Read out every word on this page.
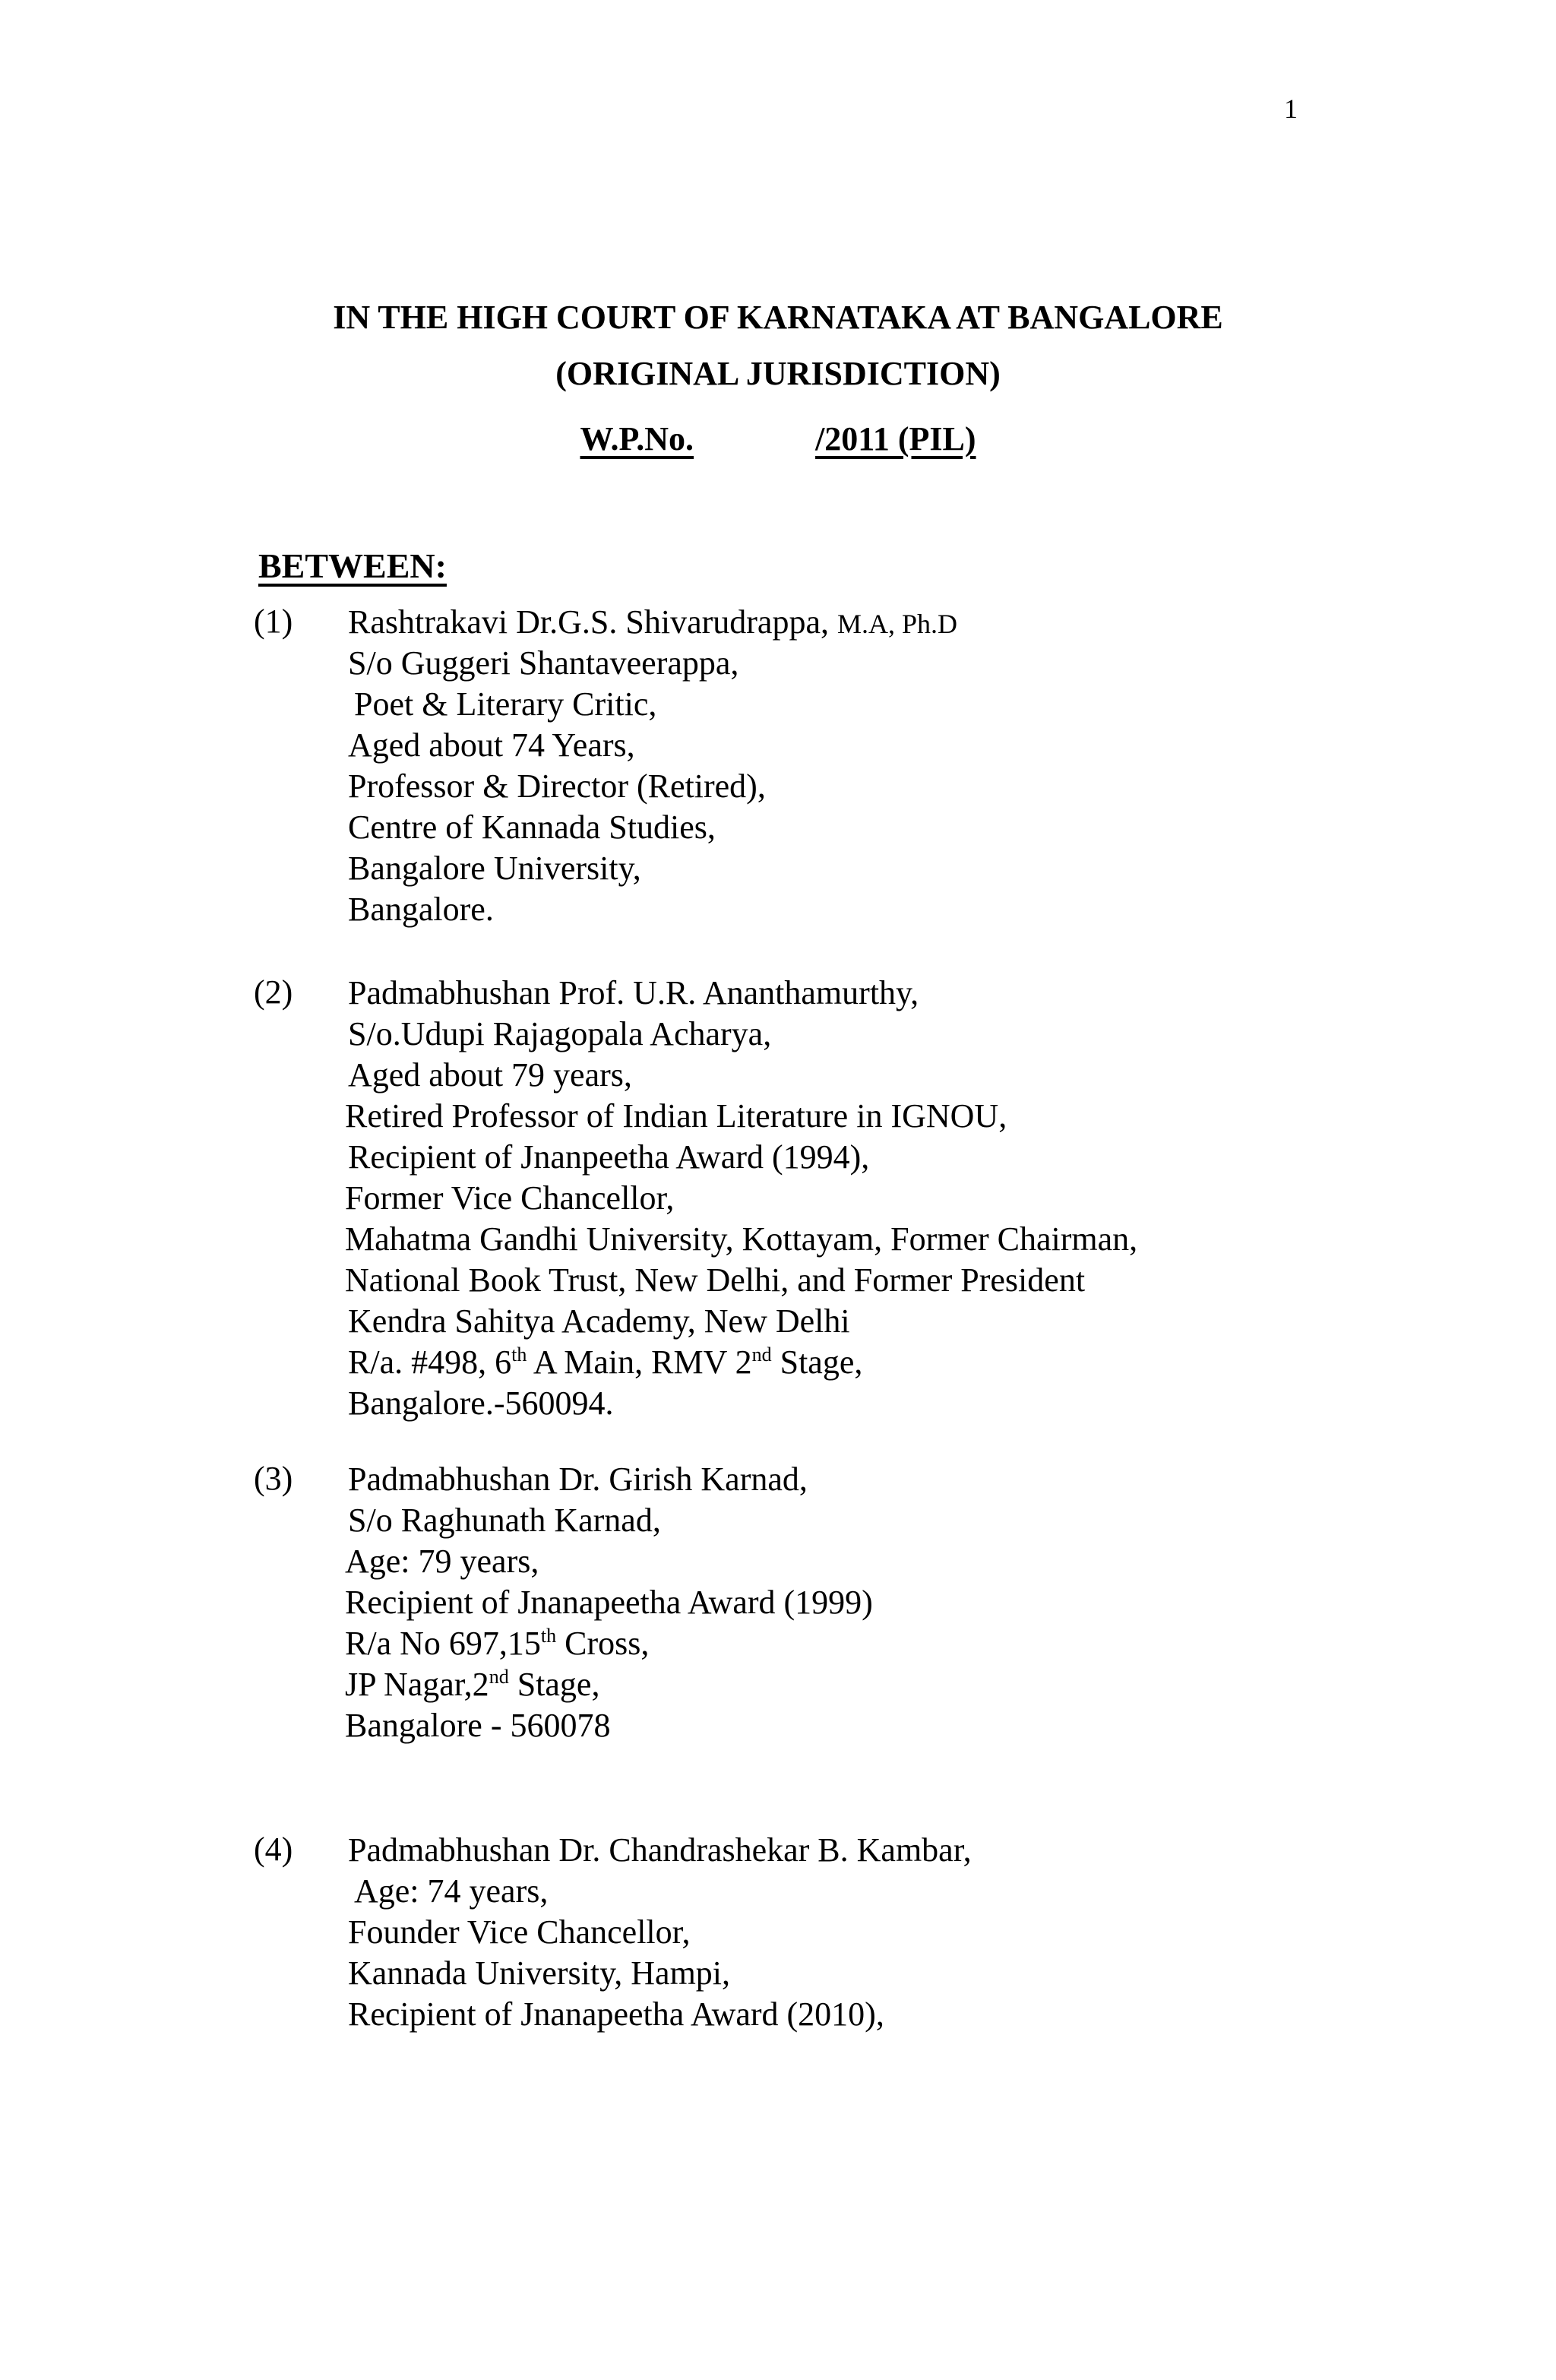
1
IN THE HIGH COURT OF KARNATAKA AT BANGALORE
(ORIGINAL JURISDICTION)
W.P.No.	/2011 (PIL)
BETWEEN:
(1) Rashtrakavi Dr.G.S. Shivarudrappa, M.A, Ph.D
S/o Guggeri Shantaveerappa,
Poet & Literary Critic,
Aged about 74 Years,
Professor & Director (Retired),
Centre of Kannada Studies,
Bangalore University,
Bangalore.
(2) Padmabhushan Prof. U.R. Ananthamurthy,
S/o.Udupi Rajagopala Acharya,
Aged about 79 years,
Retired Professor of Indian Literature in IGNOU,
Recipient of Jnanpeetha Award (1994),
Former Vice Chancellor,
Mahatma Gandhi University, Kottayam, Former Chairman,
National Book Trust, New Delhi, and Former President
Kendra Sahitya Academy, New Delhi
R/a. #498, 6th A Main, RMV 2nd Stage,
Bangalore.-560094.
(3) Padmabhushan Dr. Girish Karnad,
S/o Raghunath Karnad,
Age: 79 years,
Recipient of Jnanapeetha Award (1999)
R/a No 697,15th Cross,
JP Nagar,2nd Stage,
Bangalore - 560078
(4) Padmabhushan Dr. Chandrashekar B. Kambar,
Age: 74 years,
Founder Vice Chancellor,
Kannada University, Hampi,
Recipient of Jnanapeetha Award (2010),
